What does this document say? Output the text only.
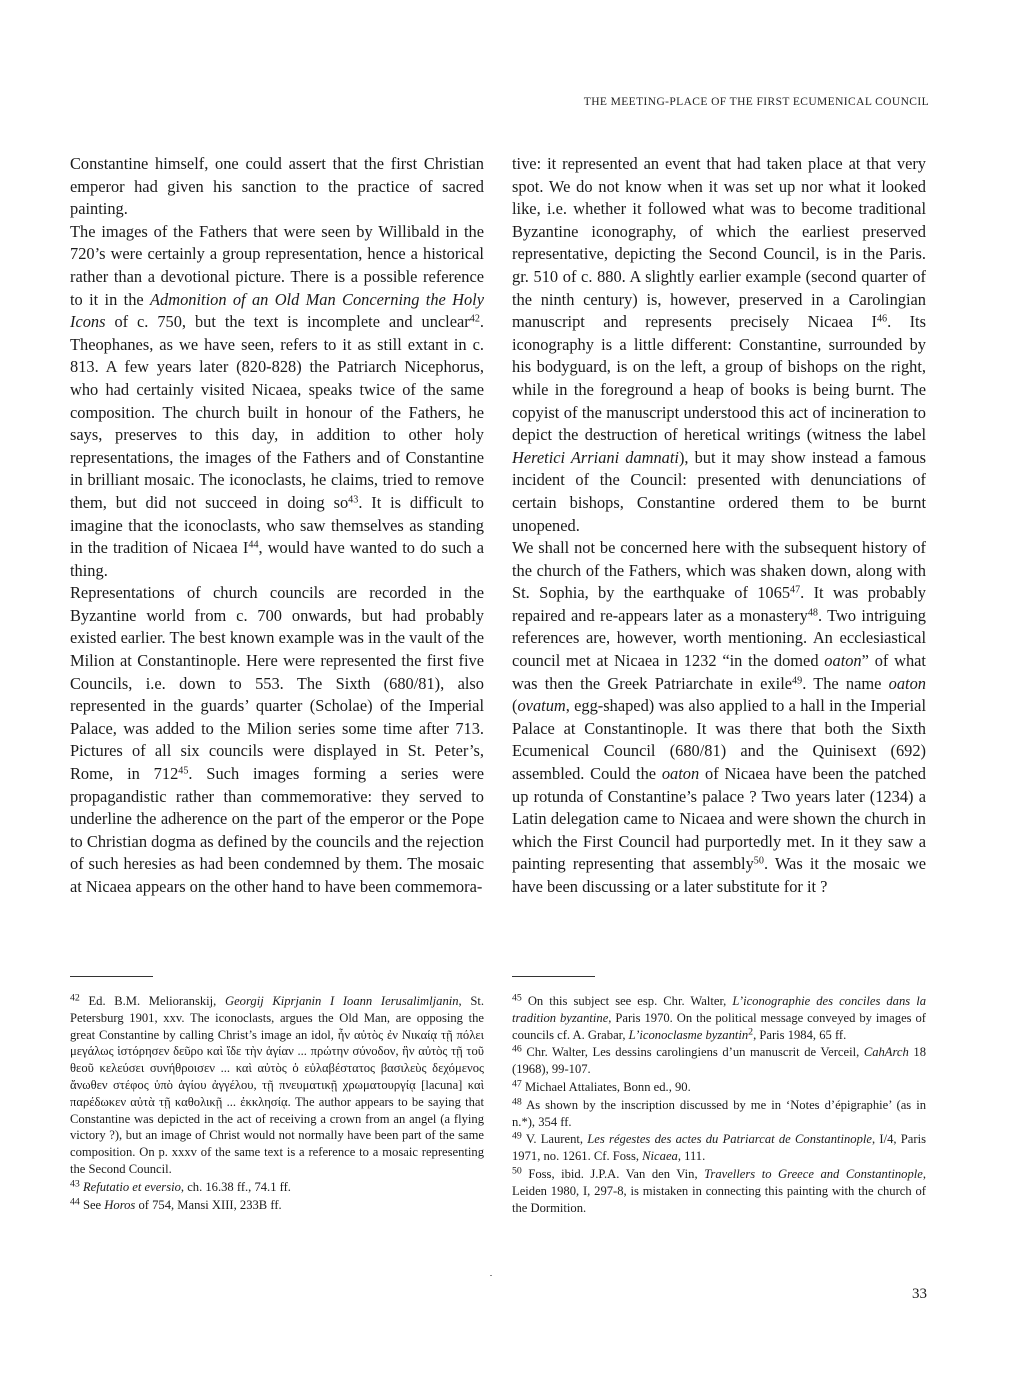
THE MEETING-PLACE OF THE FIRST ECUMENICAL COUNCIL

Constantine himself, one could assert that the first Christian emperor had given his sanction to the practice of sacred painting.

The images of the Fathers that were seen by Willibald in the 720’s were certainly a group representation, hence a historical rather than a devotional picture. There is a possible reference to it in the Admonition of an Old Man Concerning the Holy Icons of c. 750, but the text is incomplete and unclear$^{42}$. Theophanes, as we have seen, refers to it as still extant in c. 813. A few years later (820-828) the Patriarch Nicephorus, who had certainly visited Nicaea, speaks twice of the same composition. The church built in honour of the Fathers, he says, preserves to this day, in addition to other holy representations, the images of the Fathers and of Constantine in brilliant mosaic. The iconoclasts, he claims, tried to remove them, but did not succeed in doing $so^{43}$. It is difficult to imagine that the iconoclasts, who saw themselves as standing in the tradition of Nicaea $I^{44}$, would have wanted to do such a thing.

Representations of church councils are recorded in the Byzantine world from c. 700 onwards, but had probably existed earlier. The best known example was in the vault of the Milion at Constantinople. Here were represented the first five Councils, i.e. down to 553. The Sixth (680/81), also represented in the guards’ quarter (Scholae) of the Imperial Palace, was added to the Milion series some time after 713. Pictures of all six councils were displayed in St. Peter’s, Rome, in $712^{45}$. Such images forming a series were propagandistic rather than commemorative: they served to underline the adherence on the part of the emperor or the Pope to Christian dogma as defined by the councils and the rejection of such heresies as had been condemned by them. The mosaic at Nicaea appears on the other hand to have been commemora-

tive: it represented an event that had taken place at that very spot. We do not know when it was set up nor what it looked like, i.e. whether it followed what was to become traditional Byzantine iconography, of which the earliest preserved representative, depicting the Second Council, is in the Paris. gr. 510 of c. 880. A slightly earlier example (second quarter of the ninth century) is, however, preserved in a Carolingian manuscript and represents precisely Nicaea $I^{46}$. Its iconography is a little different: Constantine, surrounded by his bodyguard, is on the left, a group of bishops on the right, while in the foreground a heap of books is being burnt. The copyist of the manuscript understood this act of incineration to depict the destruction of heretical writings (witness the label Heretici Arriani damnati), but it may show instead a famous incident of the Council: presented with denunciations of certain bishops, Constantine ordered them to be burnt unopened.

We shall not be concerned here with the subsequent history of the church of the Fathers, which was shaken down, along with St. Sophia, by the earthquake of 1065$^{47}$. It was probably repaired and re-appears later as a monastery$^{48}$. Two intriguing references are, however, worth mentioning. An ecclesiastical council met at Nicaea in 1232 “in the domed oaton” of what was then the Greek Patriarchate in exile$^{49}$. The name oaton (ovatum, egg-shaped) was also applied to a hall in the Imperial Palace at Constantinople. It was there that both the Sixth Ecumenical Council (680/81) and the Quinisext (692) assembled. Could the oaton of Nicaea have been the patched up rotunda of Constantine’s palace ? Two years later (1234) a Latin delegation came to Nicaea and were shown the church in which the First Council had purportedly met. In it they saw a painting representing that assembly$^{50}$. Was it the mosaic we have been discussing or a later substitute for it ?

$^{42}$ Ed. B.M. Melioranskij, Georgij Kiprjanin I Ioann Ierusalimljanin, St. Petersburg 1901, xxv. The iconoclasts, argues the Old Man, are opposing the great Constantine by calling Christ’s image an idol, ἦν αὐτὸς ἐν Νικαίᾳ τῇ πόλει μεγάλως ἱστόρησεν δεῦρο καὶ ἴδε τὴν ἁγίαν ... πρώτην σύνοδον, ἣν αὐτὸς τῇ τοῦ θεοῦ κελεύσει συνήθροισεν ... καὶ αὐτὸς ὁ εὐλαβέστατος βασιλεὺς δεχόμενος ἄνωθεν στέφος ὑπὸ ἁγίου ἀγγέλου, τῇ πνευματικῇ χρωματουργίᾳ [lacuna] καὶ παρέδωκεν αὐτὰ τῇ καθολικῇ ... ἐκκλησίᾳ. The author appears to be saying that Constantine was depicted in the act of receiving a crown from an angel (a flying victory ?), but an image of Christ would not normally have been part of the same composition. On p. xxxv of the same text is a reference to a mosaic representing the Second Council.

$^{43}$ Refutatio et eversio, ch. 16.38 ff., 74.1 ff.

$^{44}$ See Horos of 754, Mansi XIII, 233B ff.

$^{45}$ On this subject see esp. Chr. Walter, L’iconographie des conciles dans la tradition byzantine, Paris 1970. On the political message conveyed by images of councils cf. A. Grabar, L’iconoclasme byzantin$^2$, Paris 1984, 65 ff.

$^{46}$ Chr. Walter, Les dessins carolingiens d’un manuscrit de Verceil, CahArch 18 (1968), 99-107.

$^{47}$ Michael Attaliates, Bonn ed., 90.

$^{48}$ As shown by the inscription discussed by me in ‘Notes d’épigraphie’ (as in n.*), 354 ff.

$^{49}$ V. Laurent, Les régestes des actes du Patriarcat de Constantinople, I/4, Paris 1971, no. 1261. Cf. Foss, Nicaea, 111.

$^{50}$ Foss, ibid. J.P.A. Van den Vin, Travellers to Greece and Constantinople, Leiden 1980, I, 297-8, is mistaken in connecting this painting with the church of the Dormition.

33
